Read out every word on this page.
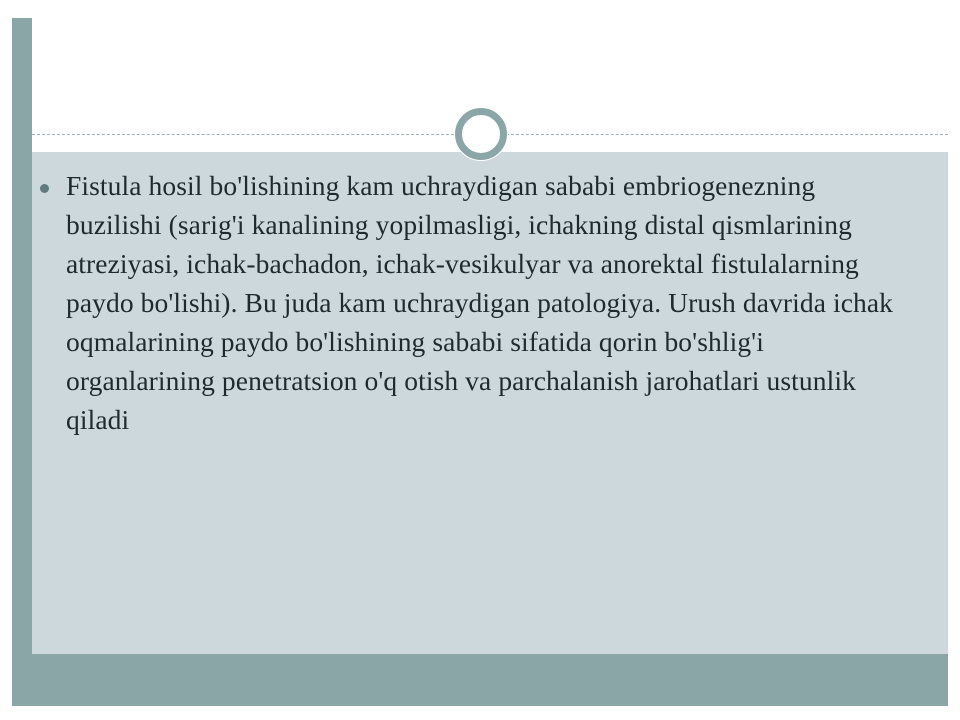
Fistula hosil bo'lishining kam uchraydigan sababi embriogenezning buzilishi (sarig'i kanalining yopilmasligi, ichakning distal qismlarining atreziyasi, ichak-bachadon, ichak-vesikulyar va anorektal fistulalarning paydo bo'lishi). Bu juda kam uchraydigan patologiya. Urush davrida ichak oqmalarining paydo bo'lishining sababi sifatida qorin bo'shlig'i organlarining penetratsion o'q otish va parchalanish jarohatlari ustunlik qiladi
